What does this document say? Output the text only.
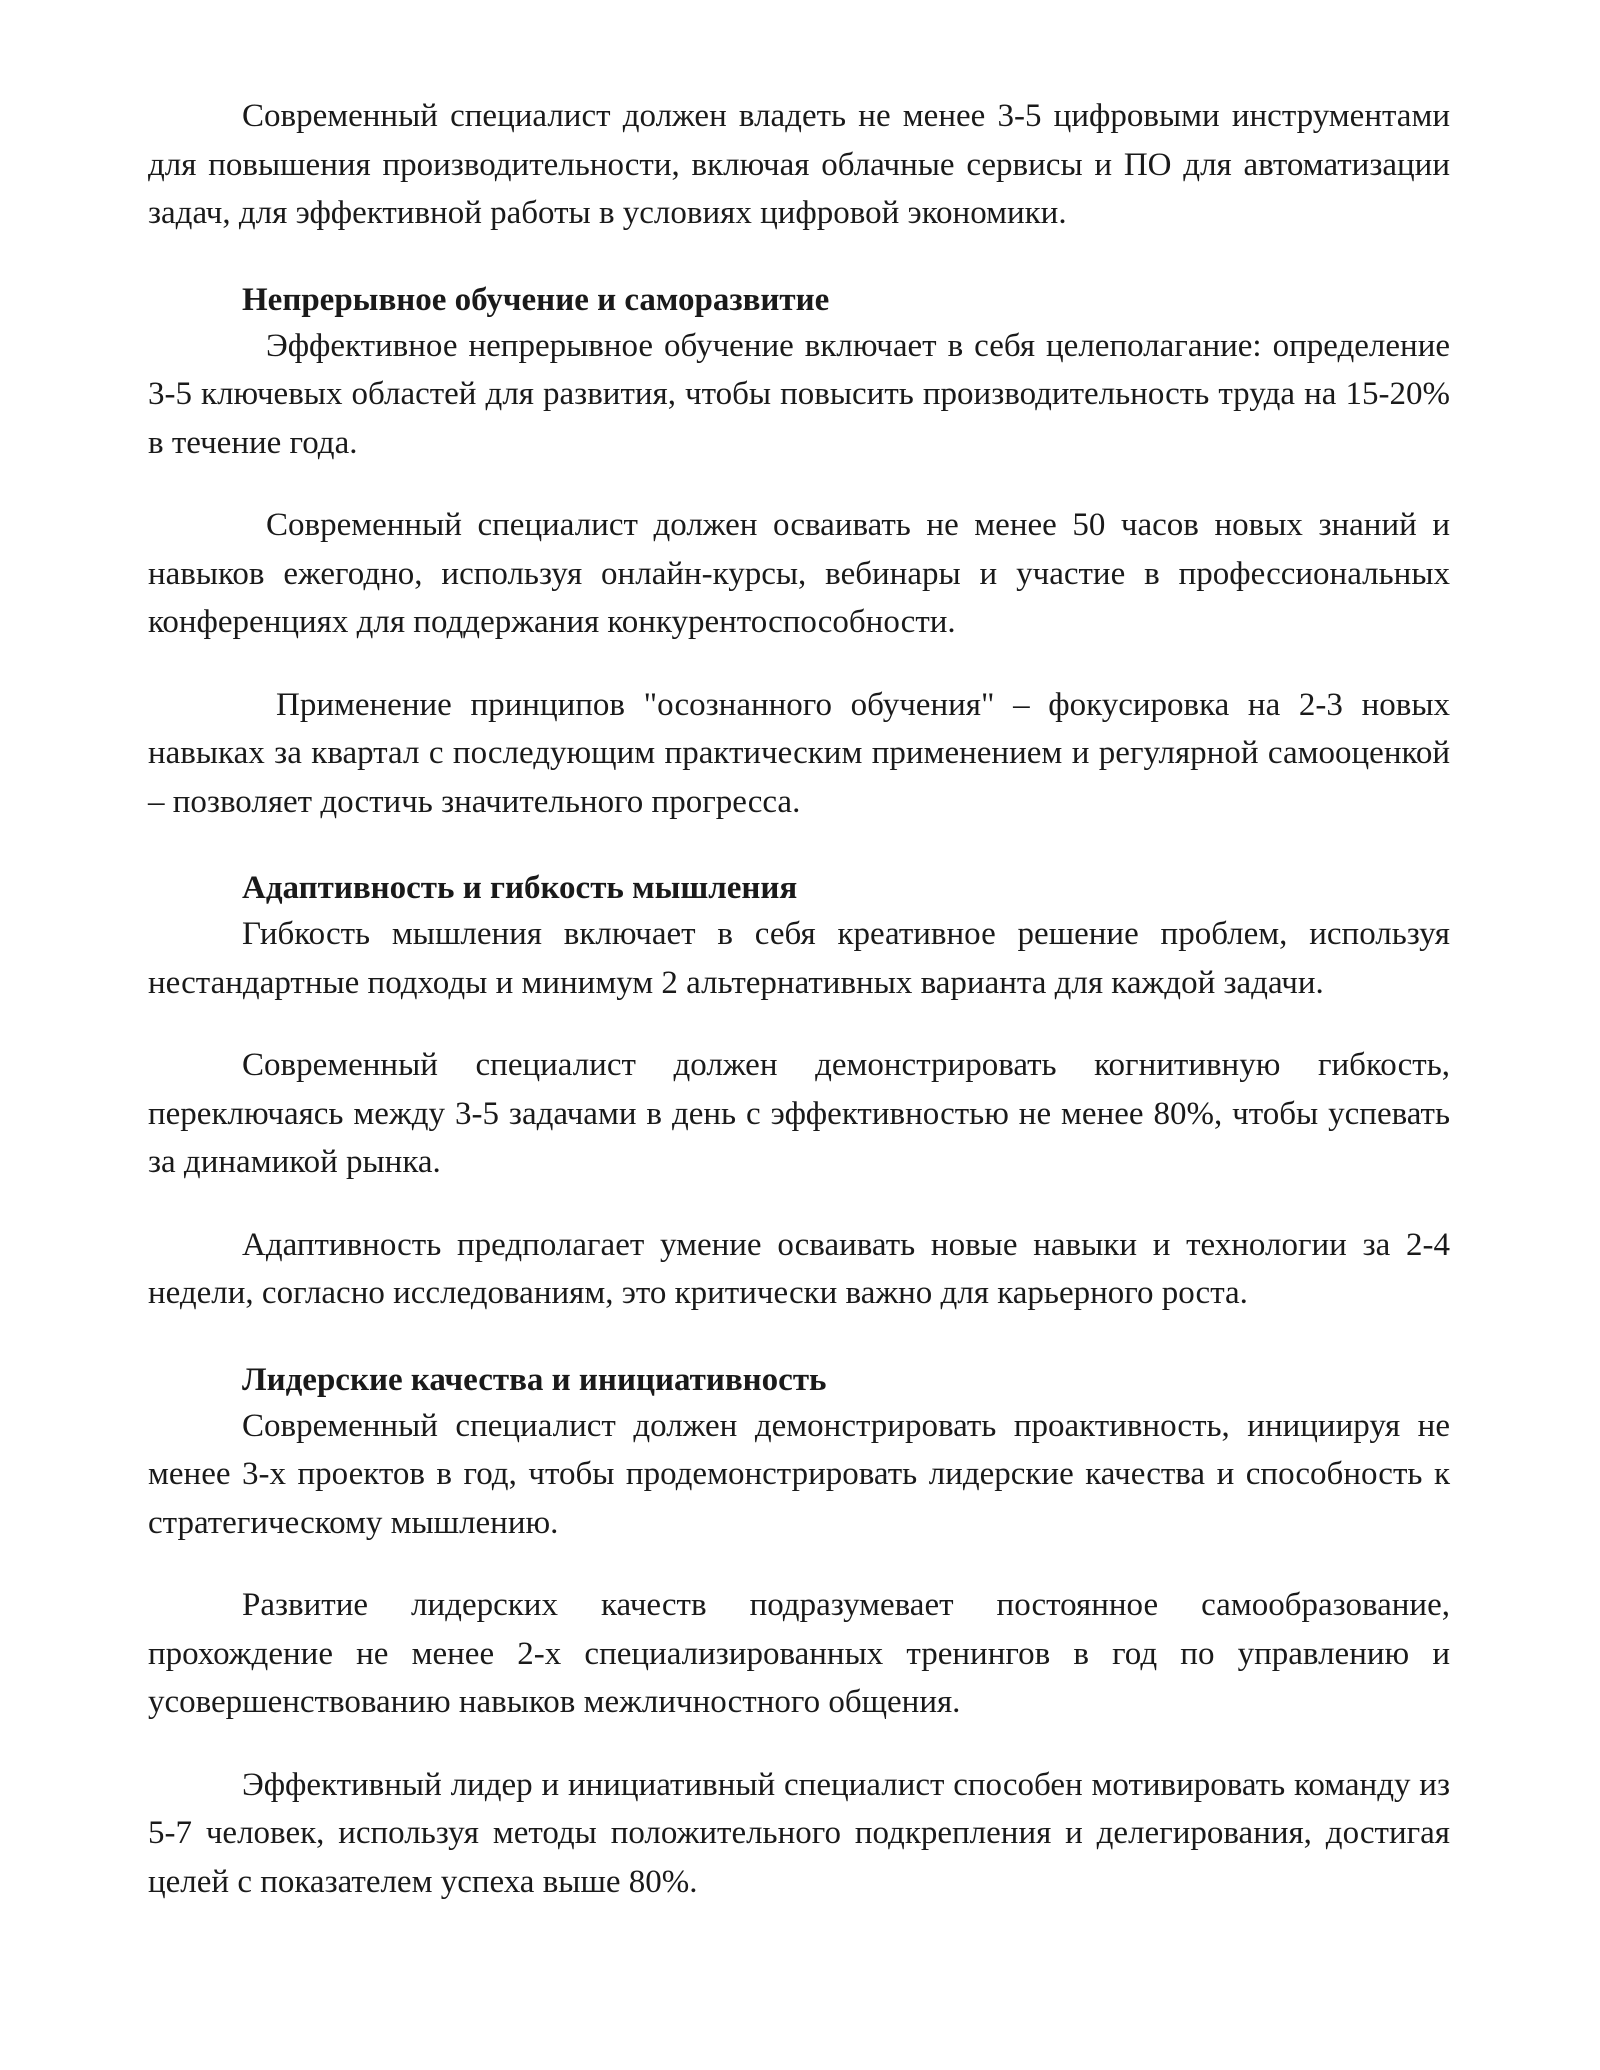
Современный специалист должен владеть не менее 3-5 цифровыми инструментами для повышения производительности, включая облачные сервисы и ПО для автоматизации задач, для эффективной работы в условиях цифровой экономики.

Непрерывное обучение и саморазвитие

Эффективное непрерывное обучение включает в себя целеполагание: определение 3-5 ключевых областей для развития, чтобы повысить производительность труда на 15-20% в течение года.

Современный специалист должен осваивать не менее 50 часов новых знаний и навыков ежегодно, используя онлайн-курсы, вебинары и участие в профессиональных конференциях для поддержания конкурентоспособности.

Применение принципов "осознанного обучения" – фокусировка на 2-3 новых навыках за квартал с последующим практическим применением и регулярной самооценкой – позволяет достичь значительного прогресса.

Адаптивность и гибкость мышления

Гибкость мышления включает в себя креативное решение проблем, используя нестандартные подходы и минимум 2 альтернативных варианта для каждой задачи.

Современный специалист должен демонстрировать когнитивную гибкость, переключаясь между 3-5 задачами в день с эффективностью не менее 80%, чтобы успевать за динамикой рынка.

Адаптивность предполагает умение осваивать новые навыки и технологии за 2-4 недели, согласно исследованиям, это критически важно для карьерного роста.

Лидерские качества и инициативность

Современный специалист должен демонстрировать проактивность, инициируя не менее 3-х проектов в год, чтобы продемонстрировать лидерские качества и способность к стратегическому мышлению.

Развитие лидерских качеств подразумевает постоянное самообразование, прохождение не менее 2-х специализированных тренингов в год по управлению и усовершенствованию навыков межличностного общения.

Эффективный лидер и инициативный специалист способен мотивировать команду из 5-7 человек, используя методы положительного подкрепления и делегирования, достигая целей с показателем успеха выше 80%.
